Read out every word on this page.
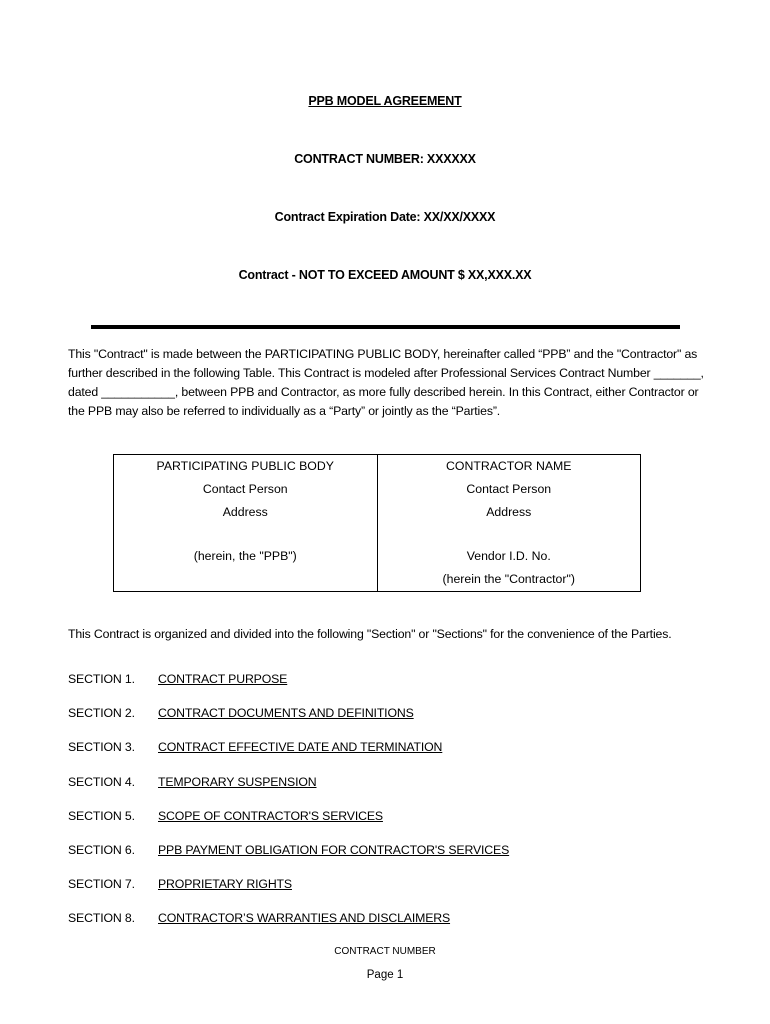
PPB MODEL AGREEMENT
CONTRACT NUMBER: XXXXXX
Contract Expiration Date: XX/XX/XXXX
Contract - NOT TO EXCEED AMOUNT $ XX,XXX.XX
This "Contract" is made between the PARTICIPATING PUBLIC BODY, hereinafter called “PPB” and the "Contractor" as further described in the following Table. This Contract is modeled after Professional Services Contract Number _______, dated ___________, between PPB and Contractor, as more fully described herein. In this Contract, either Contractor or the PPB may also be referred to individually as a “Party” or jointly as the “Parties”.
PARTICIPATING PUBLIC BODY
Contact Person
Address
(herein, the "PPB")

CONTRACTOR NAME
Contact Person
Address
Vendor I.D. No.
(herein the "Contractor")
This Contract is organized and divided into the following "Section" or "Sections" for the convenience of the Parties.
SECTION 1. CONTRACT PURPOSE
SECTION 2. CONTRACT DOCUMENTS AND DEFINITIONS
SECTION 3. CONTRACT EFFECTIVE DATE AND TERMINATION
SECTION 4. TEMPORARY SUSPENSION
SECTION 5. SCOPE OF CONTRACTOR'S SERVICES
SECTION 6. PPB PAYMENT OBLIGATION FOR CONTRACTOR'S SERVICES
SECTION 7. PROPRIETARY RIGHTS
SECTION 8. CONTRACTOR’S WARRANTIES AND DISCLAIMERS
CONTRACT NUMBER
Page 1
